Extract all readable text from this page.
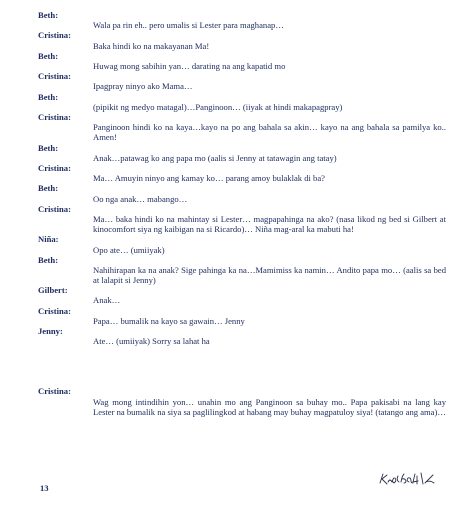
Beth:
Wala pa rin eh.. pero umalis si Lester para maghanap…
Cristina:
Baka hindi ko na makayanan Ma!
Beth:
Huwag mong sabihin yan… darating na ang kapatid mo
Cristina:
Ipagpray ninyo ako Mama…
Beth:
(pipikit ng medyo matagal)…Panginoon… (iiyak at hindi makapagpray)
Cristina:
Panginoon hindi ko na kaya…kayo na po ang bahala sa akin… kayo na ang bahala sa pamilya ko.. Amen!
Beth:
Anak…patawag ko ang papa mo (aalis si Jenny at tatawagin ang tatay)
Cristina:
Ma… Amuyin ninyo ang kamay ko… parang amoy bulaklak di ba?
Beth:
Oo nga anak… mabango…
Cristina:
Ma… baka hindi ko na mahintay si Lester… magpapahinga na ako? (nasa likod ng bed si Gilbert at kinocomfort siya ng kaibigan na si Ricardo)… Niña mag-aral ka mabuti ha!
Niña:
Opo ate… (umiiyak)
Beth:
Nahihirapan ka na anak? Sige pahinga ka na…Mamimiss ka namin… Andito papa mo… (aalis sa bed at lalapit si Jenny)
Gilbert:
Anak…
Cristina:
Papa… bumalik na kayo sa gawain… Jenny
Jenny:
Ate… (umiiyak) Sorry sa lahat ha
Cristina:
Wag mong intindihin yon… unahin mo ang Panginoon sa buhay mo.. Papa pakisabi na lang kay Lester na bumalik na siya sa paglilingkod at habang may buhay magpatuloy siya! (tatango ang ama)…
13
